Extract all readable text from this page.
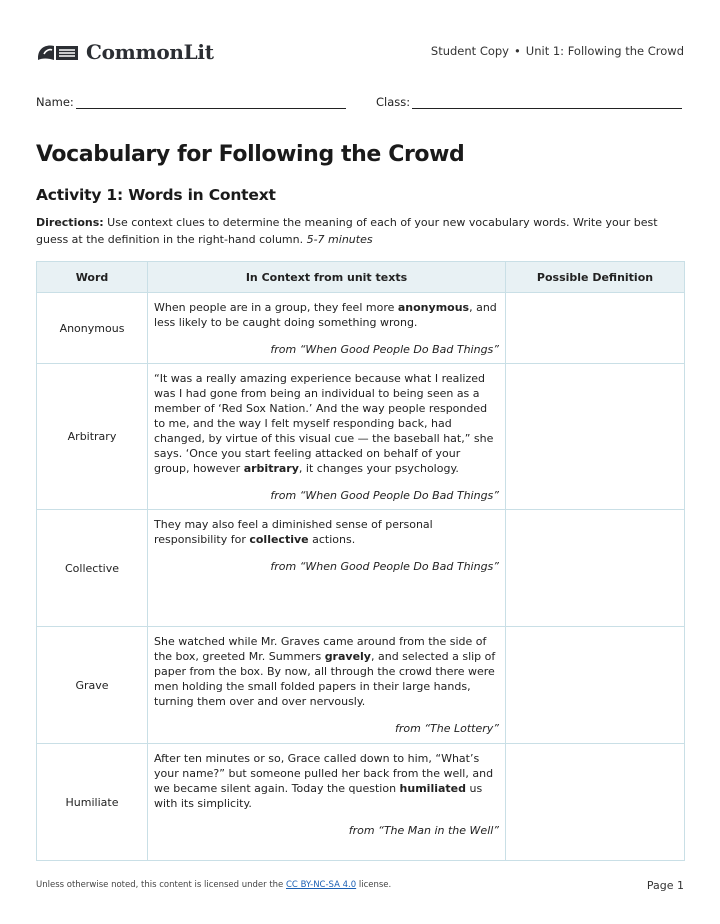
CommonLit	Student Copy • Unit 1: Following the Crowd
Name:	Class:
Vocabulary for Following the Crowd
Activity 1: Words in Context
Directions: Use context clues to determine the meaning of each of your new vocabulary words. Write your best guess at the definition in the right-hand column. 5-7 minutes
Word	In Context from unit texts	Possible Definition
Anonymous	When people are in a group, they feel more anonymous, and less likely to be caught doing something wrong.

from “When Good People Do Bad Things”	

Arbitrary	“It was a really amazing experience because what I realized was I had gone from being an individual to being seen as a member of ‘Red Sox Nation.’ And the way people responded to me, and the way I felt myself responding back, had changed, by virtue of this visual cue — the baseball hat,” she says. ‘Once you start feeling attacked on behalf of your group, however arbitrary, it changes your psychology.

from “When Good People Do Bad Things”	

Collective	They may also feel a diminished sense of personal responsibility for collective actions.

from “When Good People Do Bad Things”	

Grave	She watched while Mr. Graves came around from the side of the box, greeted Mr. Summers gravely, and selected a slip of paper from the box. By now, all through the crowd there were men holding the small folded papers in their large hands, turning them over and over nervously.

from “The Lottery”	

Humiliate	After ten minutes or so, Grace called down to him, “What’s your name?” but someone pulled her back from the well, and we became silent again. Today the question humiliated us with its simplicity.

from “The Man in the Well”	

Unless otherwise noted, this content is licensed under the CC BY-NC-SA 4.0 license.	Page 1
